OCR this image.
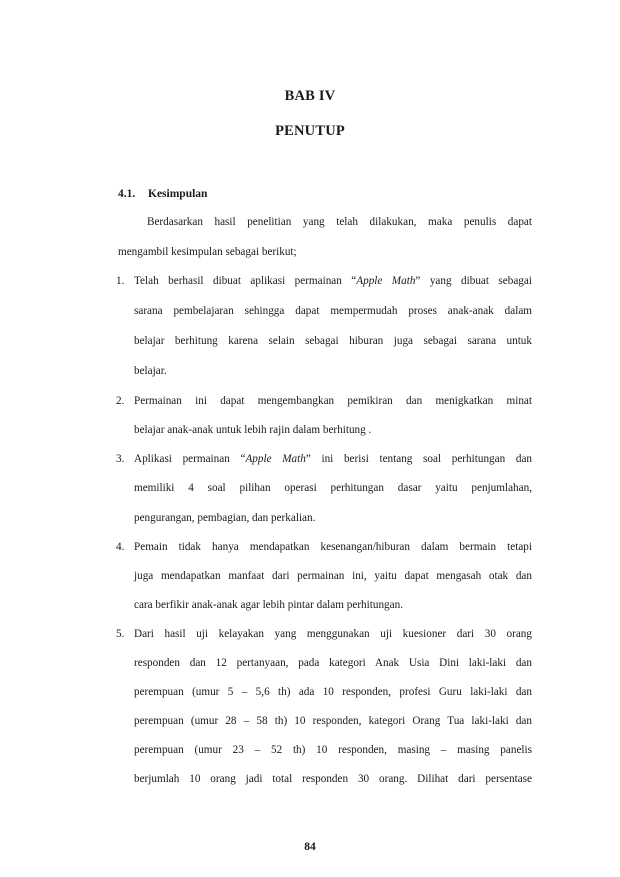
BAB IV
PENUTUP
4.1. Kesimpulan
Berdasarkan hasil penelitian yang telah dilakukan, maka penulis dapat
mengambil kesimpulan sebagai berikut;
1. Telah berhasil dibuat aplikasi permainan “Apple Math” yang dibuat sebagai
sarana pembelajaran sehingga dapat mempermudah proses anak-anak dalam
belajar berhitung karena selain sebagai hiburan juga sebagai sarana untuk
belajar.
2. Permainan ini dapat mengembangkan pemikiran dan menigkatkan minat
belajar anak-anak untuk lebih rajin dalam berhitung .
3. Aplikasi permainan “Apple Math” ini berisi tentang soal perhitungan dan
memiliki 4 soal pilihan operasi perhitungan dasar yaitu penjumlahan,
pengurangan, pembagian, dan perkalian.
4. Pemain tidak hanya mendapatkan kesenangan/hiburan dalam bermain tetapi
juga mendapatkan manfaat dari permainan ini, yaitu dapat mengasah otak dan
cara berfikir anak-anak agar lebih pintar dalam perhitungan.
5. Dari hasil uji kelayakan yang menggunakan uji kuesioner dari 30 orang
responden dan 12 pertanyaan, pada kategori Anak Usia Dini laki-laki dan
perempuan (umur 5 – 5,6 th) ada 10 responden, profesi Guru laki-laki dan
perempuan (umur 28 – 58 th) 10 responden, kategori Orang Tua laki-laki dan
perempuan (umur 23 – 52 th) 10 responden, masing – masing panelis
berjumlah 10 orang jadi total responden 30 orang. Dilihat dari persentase
84
